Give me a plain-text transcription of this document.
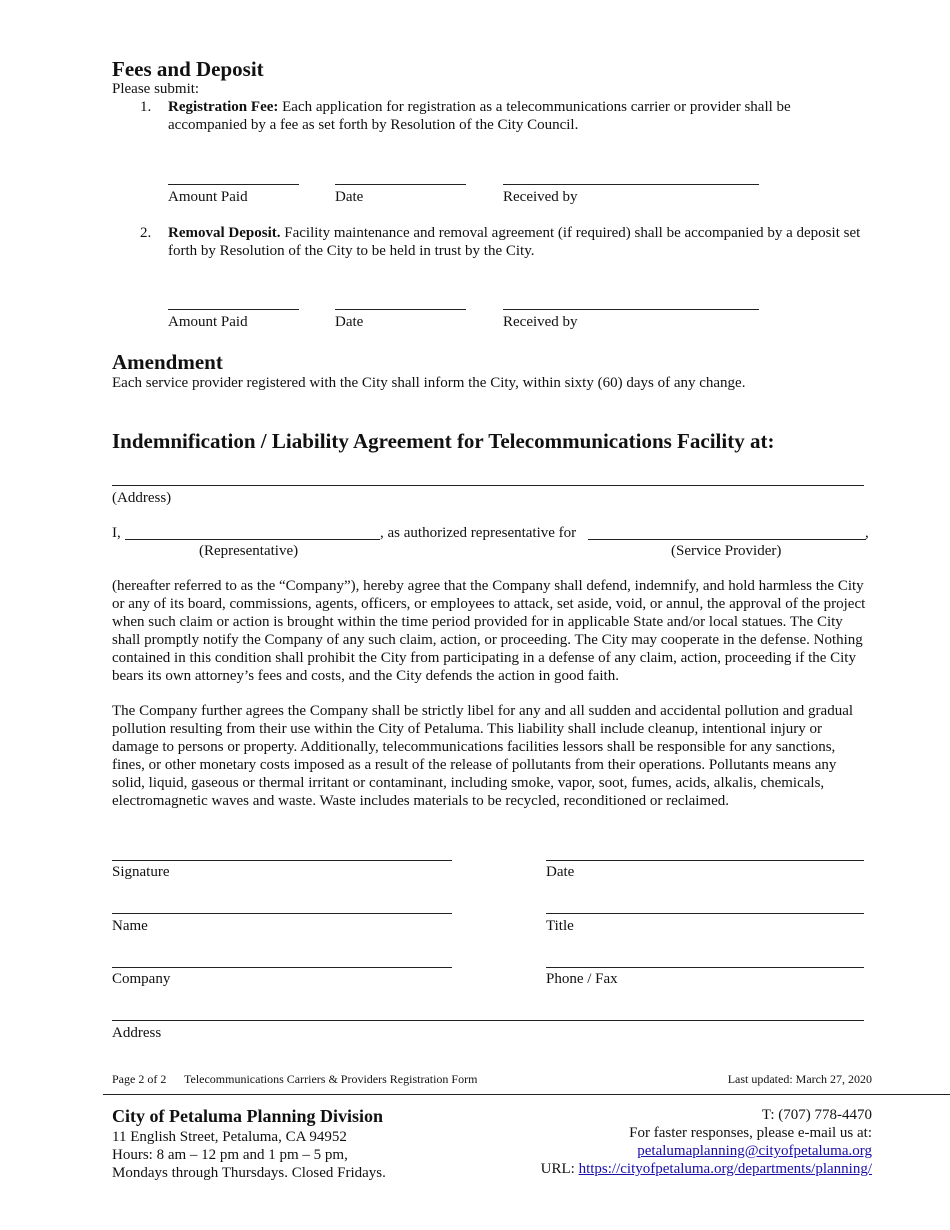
Fees and Deposit
Please submit:
1.	Registration Fee: Each application for registration as a telecommunications carrier or provider shall be accompanied by a fee as set forth by Resolution of the City Council.
Amount Paid	Date	Received by
2.	Removal Deposit. Facility maintenance and removal agreement (if required) shall be accompanied by a deposit set forth by Resolution of the City to be held in trust by the City.
Amount Paid	Date	Received by
Amendment
Each service provider registered with the City shall inform the City, within sixty (60) days of any change.
Indemnification / Liability Agreement for Telecommunications Facility at:
(Address)
I,	, as authorized representative for	,
(Representative)	(Service Provider)
(hereafter referred to as the “Company”), hereby agree that the Company shall defend, indemnify, and hold harmless the City or any of its board, commissions, agents, officers, or employees to attack, set aside, void, or annul, the approval of the project when such claim or action is brought within the time period provided for in applicable State and/or local statues. The City shall promptly notify the Company of any such claim, action, or proceeding. The City may cooperate in the defense. Nothing contained in this condition shall prohibit the City from participating in a defense of any claim, action, proceeding if the City bears its own attorney’s fees and costs, and the City defends the action in good faith.
The Company further agrees the Company shall be strictly libel for any and all sudden and accidental pollution and gradual pollution resulting from their use within the City of Petaluma. This liability shall include cleanup, intentional injury or damage to persons or property. Additionally, telecommunications facilities lessors shall be responsible for any sanctions, fines, or other monetary costs imposed as a result of the release of pollutants from their operations. Pollutants means any solid, liquid, gaseous or thermal irritant or contaminant, including smoke, vapor, soot, fumes, acids, alkalis, chemicals, electromagnetic waves and waste. Waste includes materials to be recycled, reconditioned or reclaimed.
Signature	Date
Name	Title
Company	Phone / Fax
Address
Page 2 of 2 Telecommunications Carriers & Providers Registration Form	Last updated: March 27, 2020
City of Petaluma Planning Division
11 English Street, Petaluma, CA 94952
Hours: 8 am – 12 pm and 1 pm – 5 pm,
Mondays through Thursdays. Closed Fridays.
T: (707) 778-4470
For faster responses, please e-mail us at:
petalumaplanning@cityofpetaluma.org
URL: https://cityofpetaluma.org/departments/planning/
